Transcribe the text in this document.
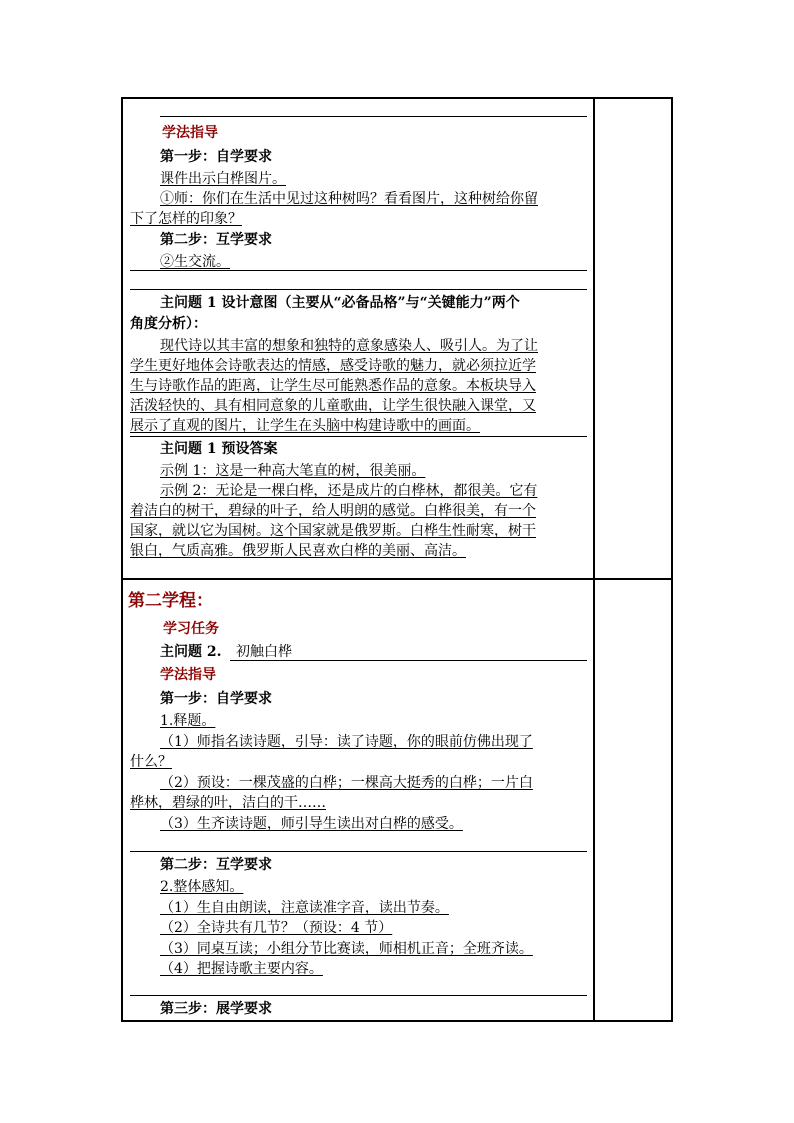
学法指导
第一步：自学要求
课件出示白桦图片。
①师：你们在生活中见过这种树吗？看看图片，这种树给你留
下了怎样的印象？
第二步：互学要求
②生交流。
主问题 1 设计意图（主要从“必备品格”与“关键能力”两个
角度分析）：
现代诗以其丰富的想象和独特的意象感染人、吸引人。为了让
学生更好地体会诗歌表达的情感，感受诗歌的魅力，就必须拉近学
生与诗歌作品的距离，让学生尽可能熟悉作品的意象。本板块导入
活泼轻快的、具有相同意象的儿童歌曲，让学生很快融入课堂，又
展示了直观的图片，让学生在头脑中构建诗歌中的画面。
主问题 1 预设答案
示例 1：这是一种高大笔直的树，很美丽。
示例 2：无论是一棵白桦，还是成片的白桦林，都很美。它有
着洁白的树干，碧绿的叶子，给人明朗的感觉。白桦很美，有一个
国家，就以它为国树。这个国家就是俄罗斯。白桦生性耐寒，树干
银白，气质高雅。俄罗斯人民喜欢白桦的美丽、高洁。
第二学程：
学习任务
主问题 2. 初触白桦
学法指导
第一步：自学要求
1.释题。
（1）师指名读诗题，引导：读了诗题，你的眼前仿佛出现了
什么？
（2）预设：一棵茂盛的白桦；一棵高大挺秀的白桦；一片白
桦林，碧绿的叶，洁白的干……
（3）生齐读诗题，师引导生读出对白桦的感受。
第二步：互学要求
2.整体感知。
（1）生自由朗读，注意读准字音，读出节奏。
（2）全诗共有几节？（预设：4 节）
（3）同桌互读；小组分节比赛读，师相机正音；全班齐读。
（4）把握诗歌主要内容。
第三步：展学要求
